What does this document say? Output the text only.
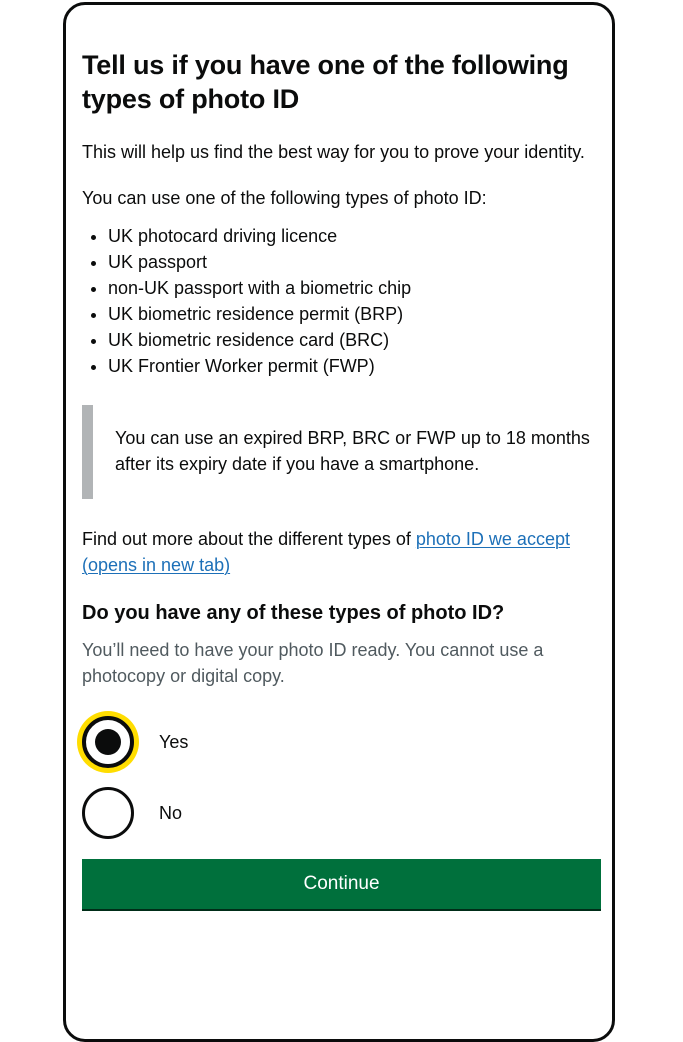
Tell us if you have one of the following types of photo ID

This will help us find the best way for you to prove your identity.

You can use one of the following types of photo ID:

• UK photocard driving licence
• UK passport
• non-UK passport with a biometric chip
• UK biometric residence permit (BRP)
• UK biometric residence card (BRC)
• UK Frontier Worker permit (FWP)
You can use an expired BRP, BRC or FWP up to 18 months after its expiry date if you have a smartphone.

Find out more about the different types of photo ID we accept (opens in new tab)

Do you have any of these types of photo ID?

You’ll need to have your photo ID ready. You cannot use a photocopy or digital copy.

Yes
No
Continue
